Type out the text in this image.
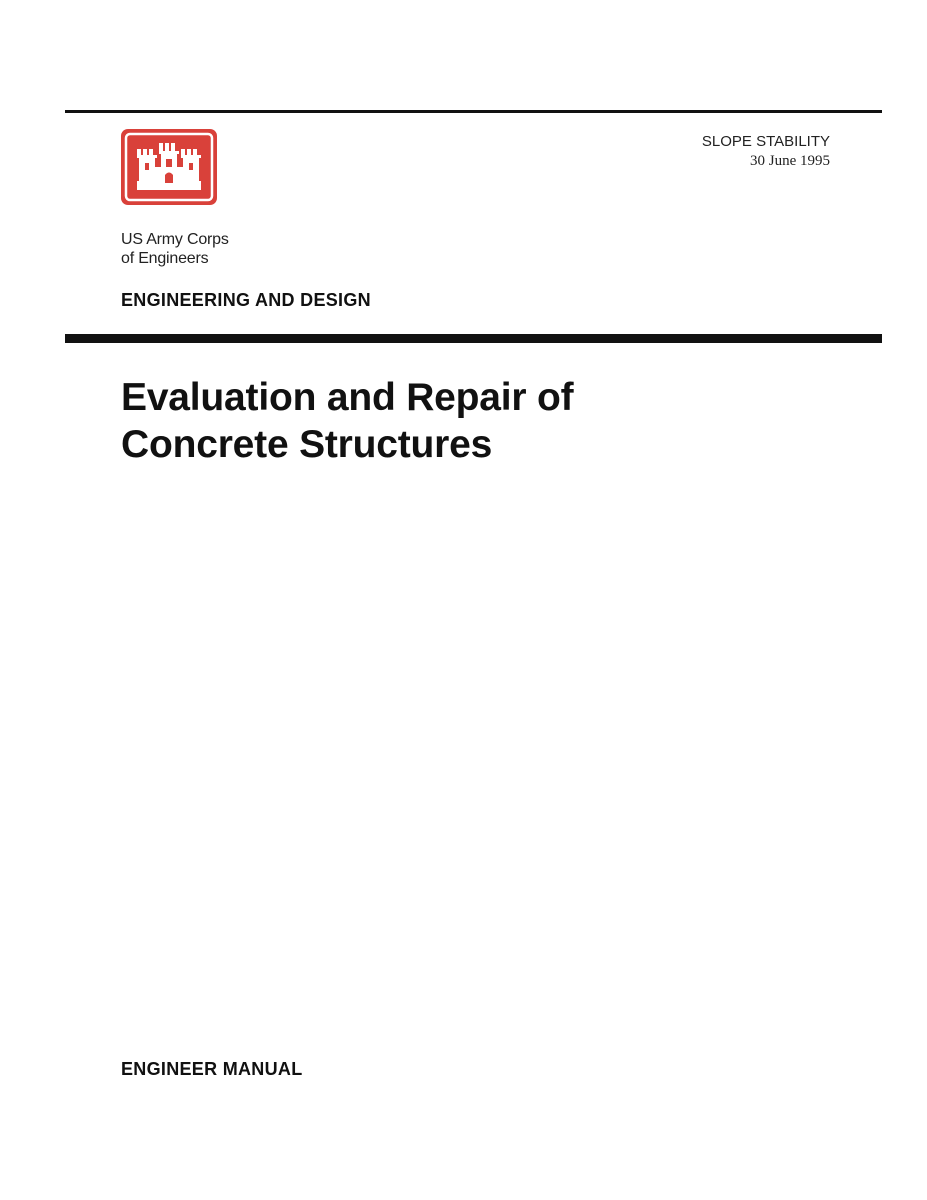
US Army Corps
of Engineers
SLOPE STABILITY
30 June 1995
ENGINEERING AND DESIGN
Evaluation and Repair of
Concrete Structures
ENGINEER MANUAL
